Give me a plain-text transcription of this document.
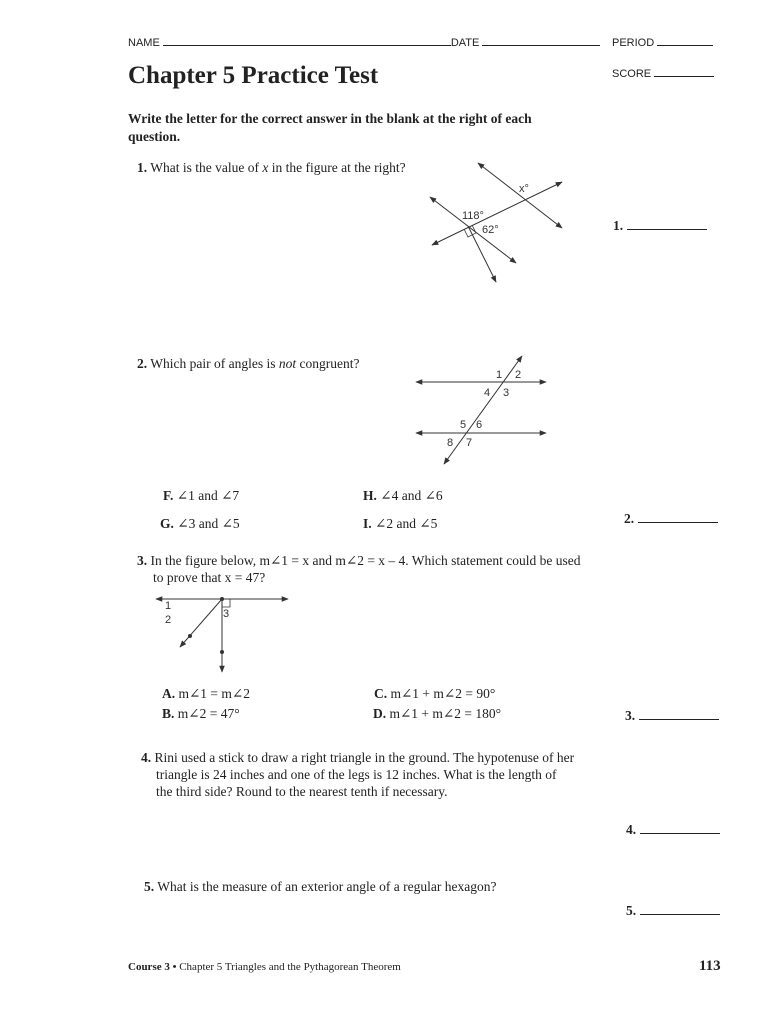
NAME	DATE	PERIOD
SCORE
Chapter 5 Practice Test
Write the letter for the correct answer in the blank at the right of each question.
1. What is the value of x in the figure at the right?
118°
62°
x°
1.
2. Which pair of angles is not congruent?
1 2
4 3
5 6
8 7
F. ∠1 and ∠7	H. ∠4 and ∠6
G. ∠3 and ∠5	I. ∠2 and ∠5	2.
3. In the figure below, m∠1 = x and m∠2 = x – 4. Which statement could be used
to prove that x = 47?
1
2	3
A. m∠1 = m∠2	C. m∠1 + m∠2 = 90°
B. m∠2 = 47°	D. m∠1 + m∠2 = 180°	3.
4. Rini used a stick to draw a right triangle in the ground. The hypotenuse of her
triangle is 24 inches and one of the legs is 12 inches. What is the length of
the third side? Round to the nearest tenth if necessary.
4.
5. What is the measure of an exterior angle of a regular hexagon?
5.
Course 3 • Chapter 5 Triangles and the Pythagorean Theorem	113
